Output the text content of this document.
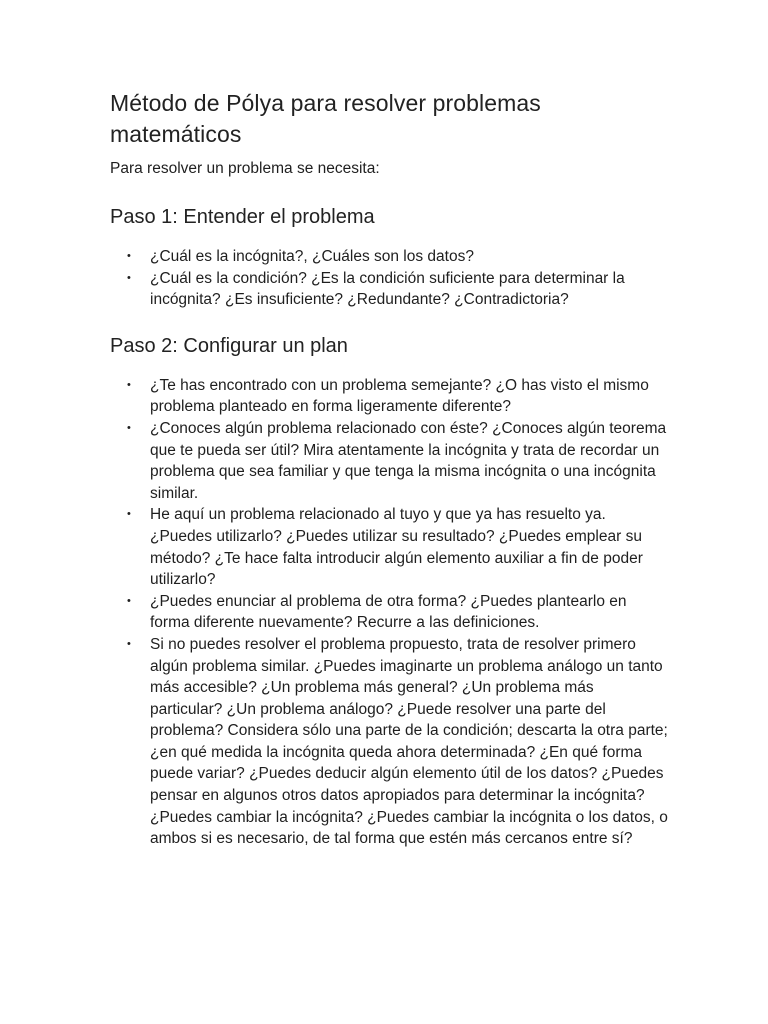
Método de Pólya para resolver problemas matemáticos

Para resolver un problema se necesita:

Paso 1: Entender el problema
• ¿Cuál es la incógnita?, ¿Cuáles son los datos?
• ¿Cuál es la condición? ¿Es la condición suficiente para determinar la incógnita? ¿Es insuficiente? ¿Redundante? ¿Contradictoria?
Paso 2: Configurar un plan
• ¿Te has encontrado con un problema semejante? ¿O has visto el mismo problema planteado en forma ligeramente diferente?
• ¿Conoces algún problema relacionado con éste? ¿Conoces algún teorema que te pueda ser útil? Mira atentamente la incógnita y trata de recordar un problema que sea familiar y que tenga la misma incógnita o una incógnita similar.
• He aquí un problema relacionado al tuyo y que ya has resuelto ya. ¿Puedes utilizarlo? ¿Puedes utilizar su resultado? ¿Puedes emplear su método? ¿Te hace falta introducir algún elemento auxiliar a fin de poder utilizarlo?
• ¿Puedes enunciar al problema de otra forma? ¿Puedes plantearlo en forma diferente nuevamente? Recurre a las definiciones.
• Si no puedes resolver el problema propuesto, trata de resolver primero algún problema similar. ¿Puedes imaginarte un problema análogo un tanto más accesible? ¿Un problema más general? ¿Un problema más particular? ¿Un problema análogo? ¿Puede resolver una parte del problema? Considera sólo una parte de la condición; descarta la otra parte; ¿en qué medida la incógnita queda ahora determinada? ¿En qué forma puede variar? ¿Puedes deducir algún elemento útil de los datos? ¿Puedes pensar en algunos otros datos apropiados para determinar la incógnita? ¿Puedes cambiar la incógnita? ¿Puedes cambiar la incógnita o los datos, o ambos si es necesario, de tal forma que estén más cercanos entre sí?
